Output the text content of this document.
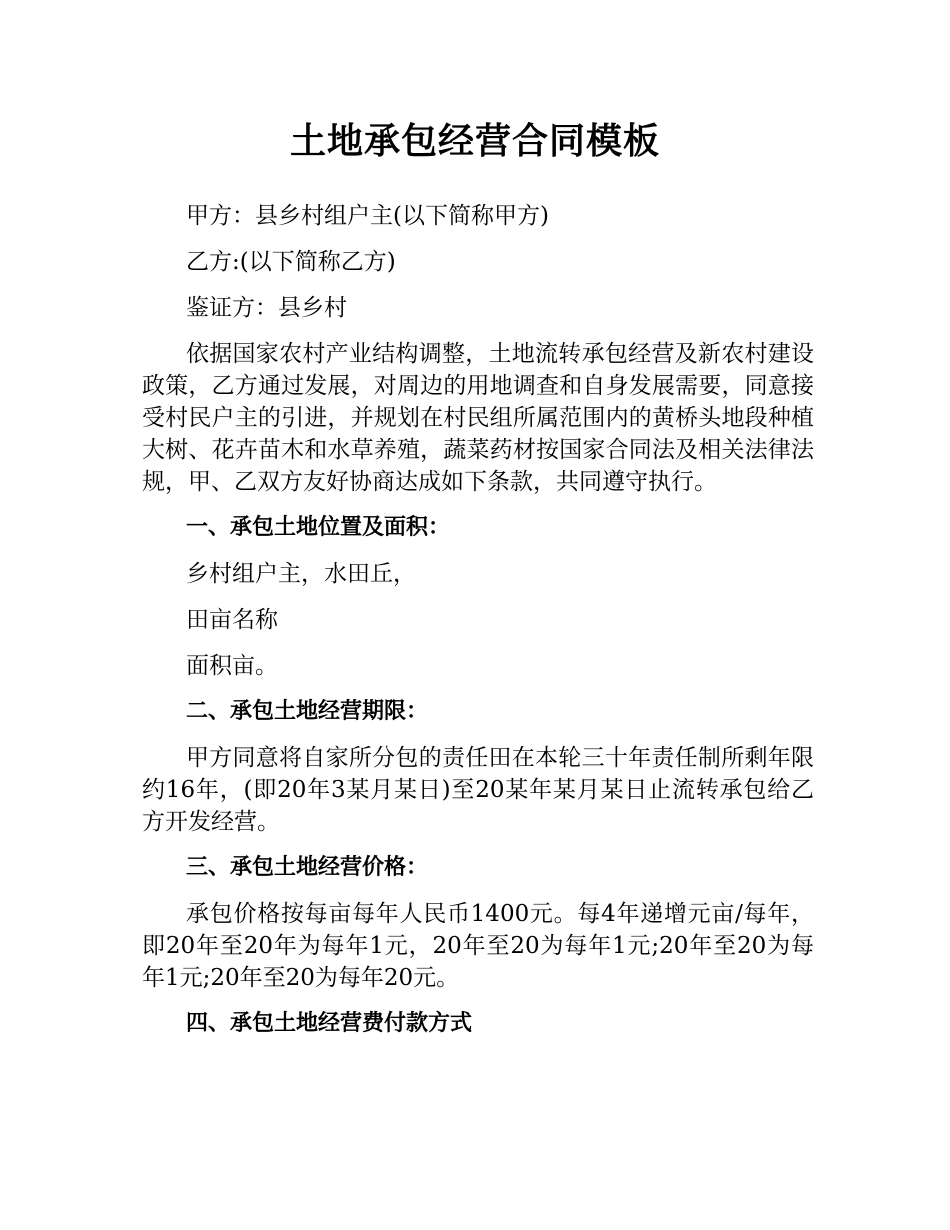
土地承包经营合同模板

甲方：县乡村组户主(以下简称甲方)

乙方:(以下简称乙方)

鉴证方：县乡村

依据国家农村产业结构调整，土地流转承包经营及新农村建设政策，乙方通过发展，对周边的用地调查和自身发展需要，同意接受村民户主的引进，并规划在村民组所属范围内的黄桥头地段种植大树、花卉苗木和水草养殖，蔬菜药材按国家合同法及相关法律法规，甲、乙双方友好协商达成如下条款，共同遵守执行。

一、承包土地位置及面积：

乡村组户主，水田丘，

田亩名称

面积亩。

二、承包土地经营期限：

甲方同意将自家所分包的责任田在本轮三十年责任制所剩年限约16年，(即20年3某月某日)至20某年某月某日止流转承包给乙方开发经营。

三、承包土地经营价格：

承包价格按每亩每年人民币1400元。每4年递增元亩/每年，即20年至20年为每年1元，20年至20为每年1元;20年至20为每年1元;20年至20为每年20元。

四、承包土地经营费付款方式
